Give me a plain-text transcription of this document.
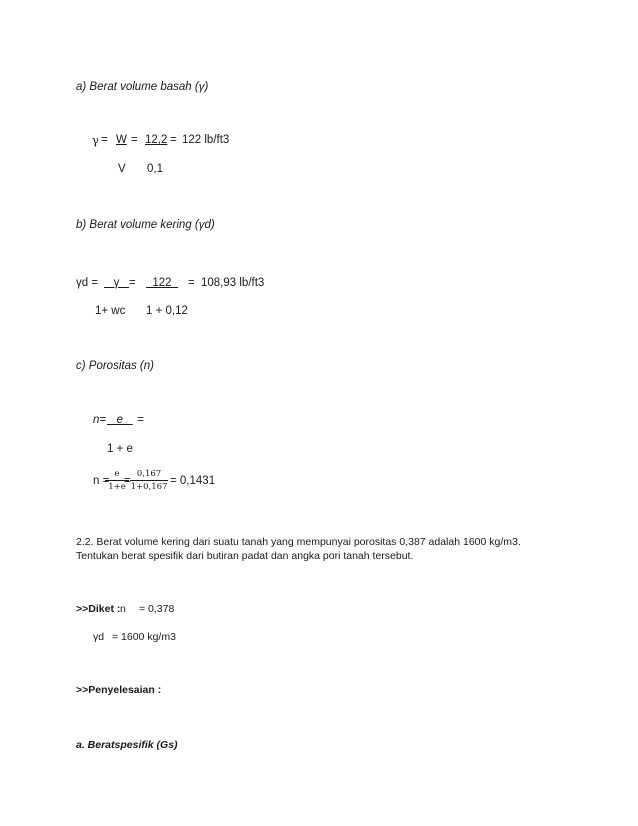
a) Berat volume basah (γ)
γ = W = 12,2 = 122 lb/ft3
V 0,1
b) Berat volume kering (γd)
γd = γ = 122 = 108,93 lb/ft3
1+ wc 1 + 0,12
c) Porositas (n)
n= e =
1 + e
n =
$\frac{e}{1+e}$
= $\frac{0,167}{1+0,167} = 0,1431$
2.2. Berat volume kering dari suatu tanah yang mempunyai porositas 0,387 adalah 1600 kg/m3.
Tentukan berat spesifik dari butiran padat dan angka pori tanah tersebut.
>>Diket : n = 0,378
γd = 1600 kg/m3
>>Penyelesaian :
a. Beratspesifik (Gs)
